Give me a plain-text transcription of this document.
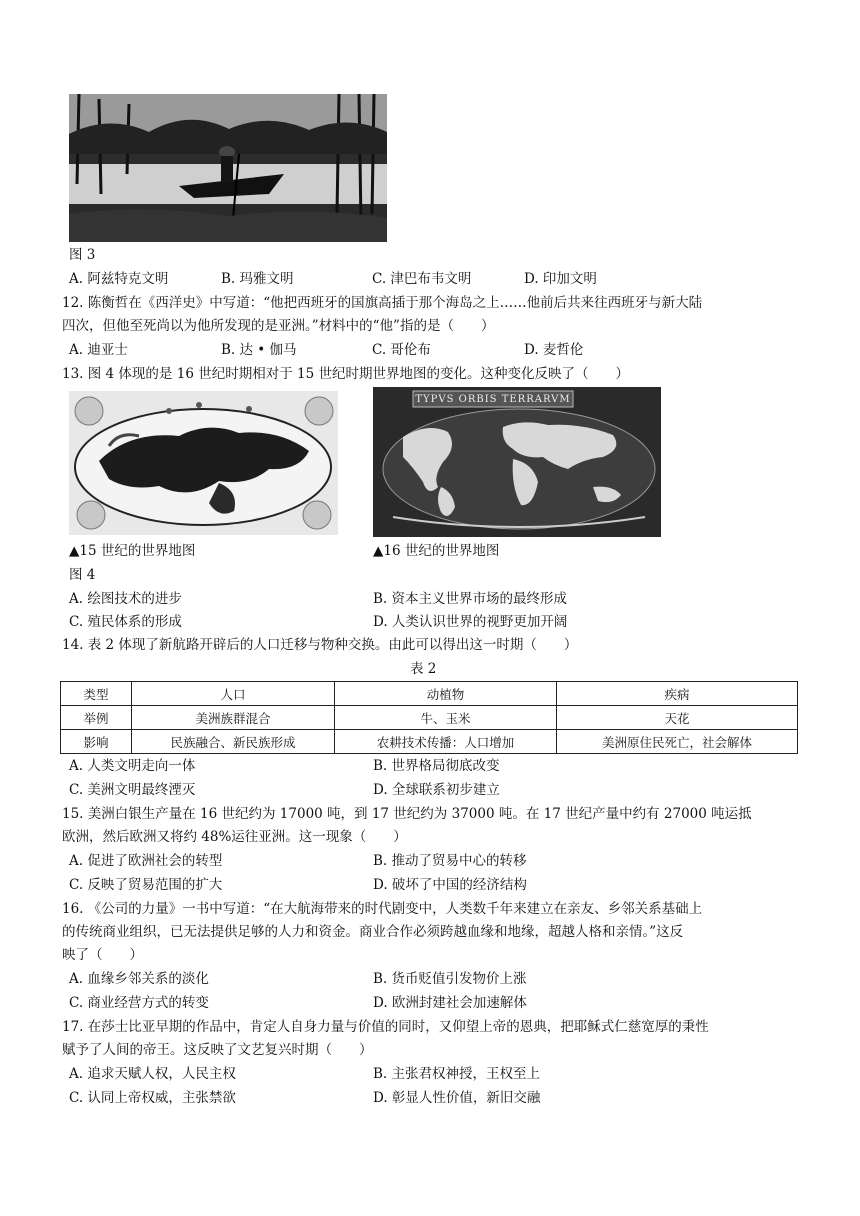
图 3
A. 阿兹特克文明	B. 玛雅文明	C. 津巴布韦文明	D. 印加文明
12. 陈衡哲在《西洋史》中写道：“他把西班牙的国旗高插于那个海岛之上……他前后共来往西班牙与新大陆
四次，但他至死尚以为他所发现的是亚洲。”材料中的“他”指的是（　　）
A. 迪亚士	B. 达 • 伽马	C. 哥伦布	D. 麦哲伦
13. 图 4 体现的是 16 世纪时期相对于 15 世纪时期世界地图的变化。这种变化反映了（　　）
TYPVS ORBIS TERRARVM
▲15 世纪的世界地图	▲16 世纪的世界地图
图 4
A. 绘图技术的进步	B. 资本主义世界市场的最终形成
C. 殖民体系的形成	D. 人类认识世界的视野更加开阔
14. 表 2 体现了新航路开辟后的人口迁移与物种交换。由此可以得出这一时期（　　）
表 2
类型	人口	动植物	疾病
举例	美洲族群混合	牛、玉米	天花
影响	民族融合、新民族形成	农耕技术传播：人口增加	美洲原住民死亡，社会解体
A. 人类文明走向一体	B. 世界格局彻底改变
C. 美洲文明最终湮灭	D. 全球联系初步建立
15. 美洲白银生产量在 16 世纪约为 17000 吨，到 17 世纪约为 37000 吨。在 17 世纪产量中约有 27000 吨运抵
欧洲，然后欧洲又将约 48%运往亚洲。这一现象（　　）
A. 促进了欧洲社会的转型	B. 推动了贸易中心的转移
C. 反映了贸易范围的扩大	D. 破坏了中国的经济结构
16. 《公司的力量》一书中写道：“在大航海带来的时代剧变中，人类数千年来建立在亲友、乡邻关系基础上
的传统商业组织，已无法提供足够的人力和资金。商业合作必须跨越血缘和地缘，超越人格和亲情。”这反
映了（　　）
A. 血缘乡邻关系的淡化	B. 货币贬值引发物价上涨
C. 商业经营方式的转变	D. 欧洲封建社会加速解体
17. 在莎士比亚早期的作品中，肯定人自身力量与价值的同时，又仰望上帝的恩典，把耶稣式仁慈宽厚的秉性
赋予了人间的帝王。这反映了文艺复兴时期（　　）
A. 追求天赋人权，人民主权	B. 主张君权神授，王权至上
C. 认同上帝权威，主张禁欲	D. 彰显人性价值，新旧交融
